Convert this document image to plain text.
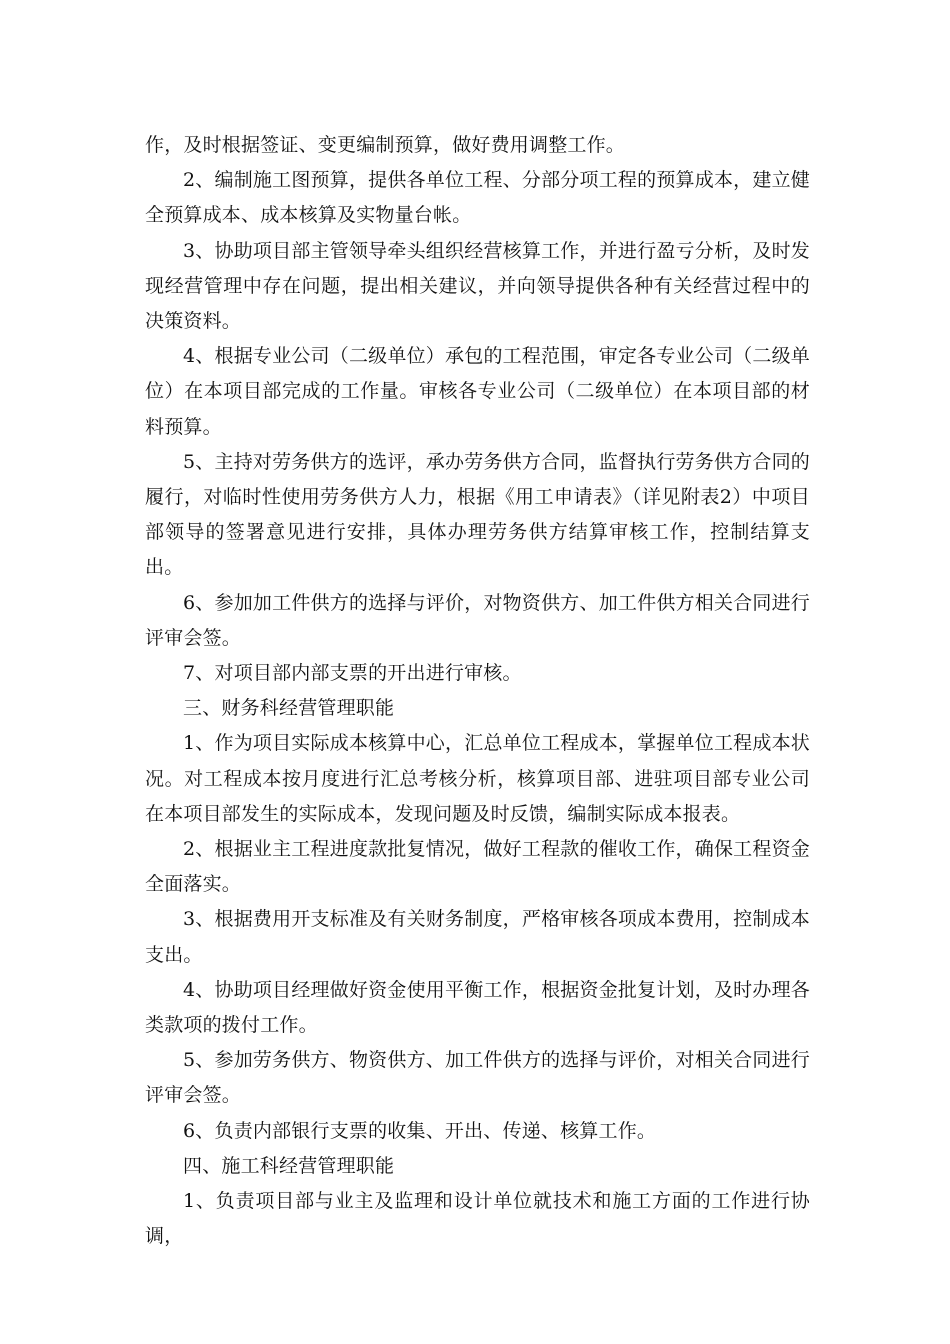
作，及时根据签证、变更编制预算，做好费用调整工作。

2、编制施工图预算，提供各单位工程、分部分项工程的预算成本，建立健全预算成本、成本核算及实物量台帐。

3、协助项目部主管领导牵头组织经营核算工作，并进行盈亏分析，及时发现经营管理中存在问题，提出相关建议，并向领导提供各种有关经营过程中的决策资料。

4、根据专业公司（二级单位）承包的工程范围，审定各专业公司（二级单位）在本项目部完成的工作量。审核各专业公司（二级单位）在本项目部的材料预算。

5、主持对劳务供方的选评，承办劳务供方合同，监督执行劳务供方合同的履行，对临时性使用劳务供方人力，根据《用工申请表》（详见附表2）中项目部领导的签署意见进行安排，具体办理劳务供方结算审核工作，控制结算支出。

6、参加加工件供方的选择与评价，对物资供方、加工件供方相关合同进行评审会签。

7、对项目部内部支票的开出进行审核。

三、财务科经营管理职能

1、作为项目实际成本核算中心，汇总单位工程成本，掌握单位工程成本状况。对工程成本按月度进行汇总考核分析，核算项目部、进驻项目部专业公司在本项目部发生的实际成本，发现问题及时反馈，编制实际成本报表。

2、根据业主工程进度款批复情况，做好工程款的催收工作，确保工程资金全面落实。

3、根据费用开支标准及有关财务制度，严格审核各项成本费用，控制成本支出。

4、协助项目经理做好资金使用平衡工作，根据资金批复计划，及时办理各类款项的拨付工作。

5、参加劳务供方、物资供方、加工件供方的选择与评价，对相关合同进行评审会签。

6、负责内部银行支票的收集、开出、传递、核算工作。

四、施工科经营管理职能

1、负责项目部与业主及监理和设计单位就技术和施工方面的工作进行协调，
